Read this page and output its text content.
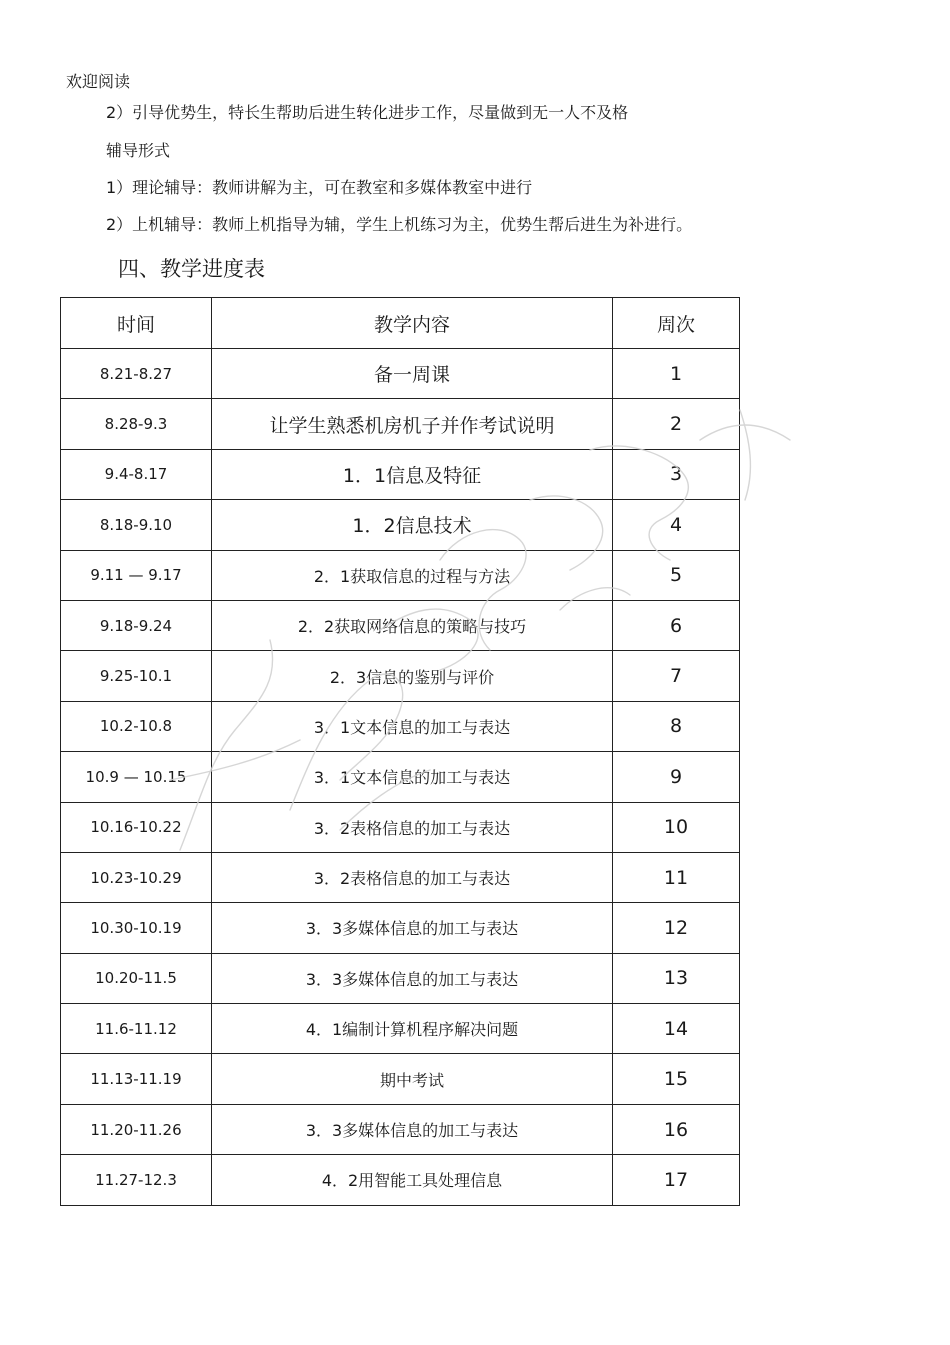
欢迎阅读
2）引导优势生，特长生帮助后进生转化进步工作，尽量做到无一人不及格
辅导形式
1）理论辅导：教师讲解为主，可在教室和多媒体教室中进行
2）上机辅导：教师上机指导为辅，学生上机练习为主，优势生帮后进生为补进行。
四、教学进度表
时间	教学内容	周次
8.21-8.27	备一周课	1
8.28-9.3	让学生熟悉机房机子并作考试说明	2
9.4-8.17	1．1信息及特征	3
8.18-9.10	1．2信息技术	4
9.11 — 9.17	2．1获取信息的过程与方法	5
9.18-9.24	2．2获取网络信息的策略与技巧	6
9.25-10.1	2．3信息的鉴别与评价	7
10.2-10.8	3．1文本信息的加工与表达	8
10.9 — 10.15	3．1文本信息的加工与表达	9
10.16-10.22	3．2表格信息的加工与表达	10
10.23-10.29	3．2表格信息的加工与表达	11
10.30-10.19	3．3多媒体信息的加工与表达	12
10.20-11.5	3．3多媒体信息的加工与表达	13
11.6-11.12	4．1编制计算机程序解决问题	14
11.13-11.19	期中考试	15
11.20-11.26	3．3多媒体信息的加工与表达	16
11.27-12.3	4．2用智能工具处理信息	17
